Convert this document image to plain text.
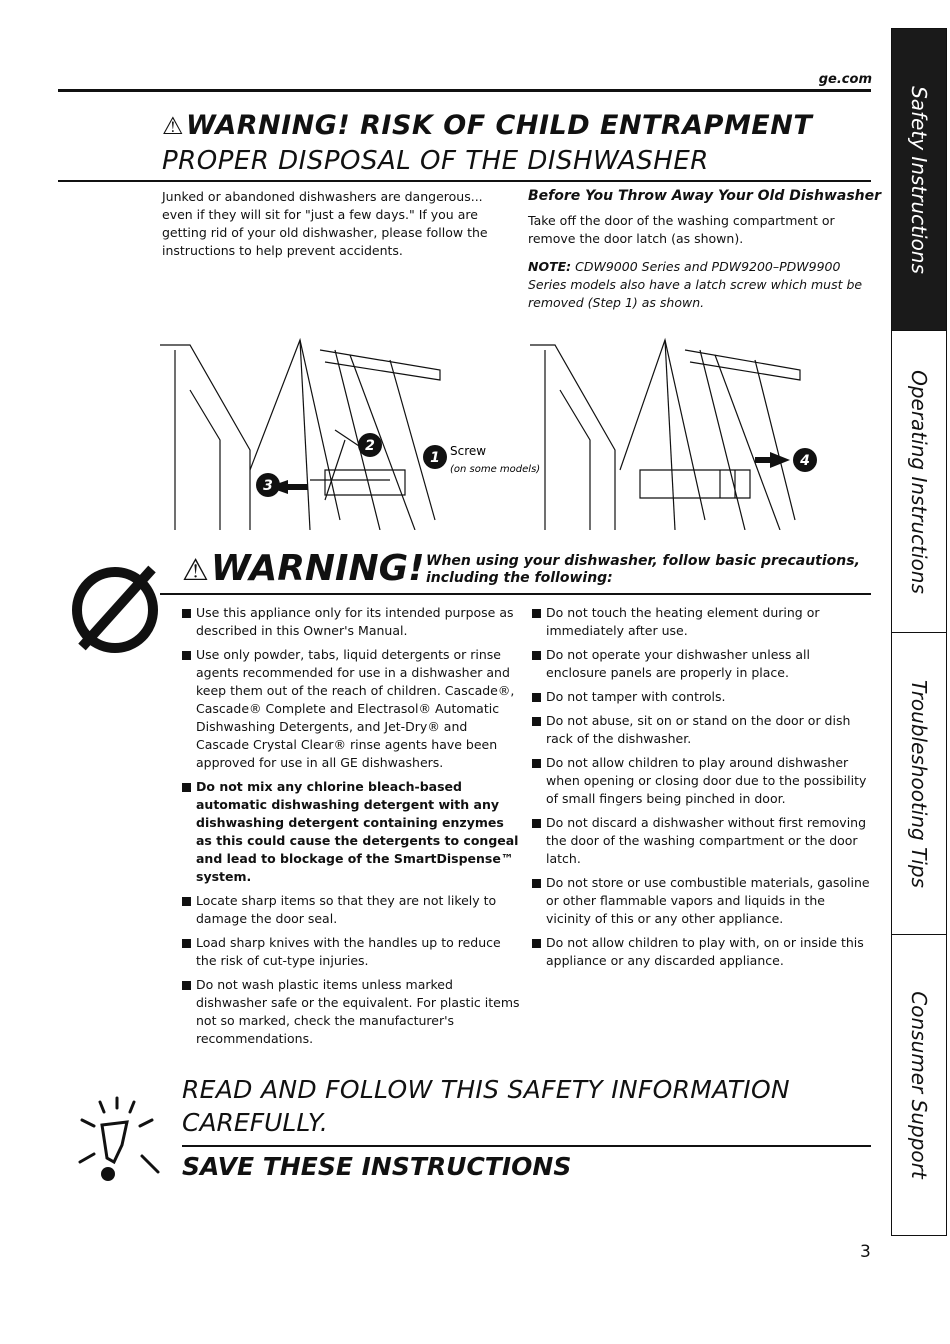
ge.com
⚠WARNING! RISK OF CHILD ENTRAPMENT
PROPER DISPOSAL OF THE DISHWASHER
Junked or abandoned dishwashers are dangerous... even if they will sit for "just a few days." If you are getting rid of your old dishwasher, please follow the instructions to help prevent accidents.
Before You Throw Away Your Old Dishwasher
Take off the door of the washing compartment or remove the door latch (as shown).
NOTE: CDW9000 Series and PDW9200–PDW9900 Series models also have a latch screw which must be removed (Step 1) as shown.
3
2
1	4
Screw
(on some models)
⚠WARNING! When using your dishwasher, follow basic precautions, including the following:
Use this appliance only for its intended purpose as described in this Owner's Manual.
Use only powder, tabs, liquid detergents or rinse agents recommended for use in a dishwasher and keep them out of the reach of children. Cascade®, Cascade® Complete and Electrasol® Automatic Dishwashing Detergents, and Jet-Dry® and Cascade Crystal Clear® rinse agents have been approved for use in all GE dishwashers.
Do not mix any chlorine bleach-based automatic dishwashing detergent with any dishwashing detergent containing enzymes as this could cause the detergents to congeal and lead to blockage of the SmartDispense™ system.
Locate sharp items so that they are not likely to damage the door seal.
Load sharp knives with the handles up to reduce the risk of cut-type injuries.
Do not wash plastic items unless marked dishwasher safe or the equivalent. For plastic items not so marked, check the manufacturer's recommendations.
Do not touch the heating element during or immediately after use.
Do not operate your dishwasher unless all enclosure panels are properly in place.
Do not tamper with controls.
Do not abuse, sit on or stand on the door or dish rack of the dishwasher.
Do not allow children to play around dishwasher when opening or closing door due to the possibility of small fingers being pinched in door.
Do not discard a dishwasher without first removing the door of the washing compartment or the door latch.
Do not store or use combustible materials, gasoline or other flammable vapors and liquids in the vicinity of this or any other appliance.
Do not allow children to play with, on or inside this appliance or any discarded appliance.
READ AND FOLLOW THIS SAFETY INFORMATION
CAREFULLY.
SAVE THESE INSTRUCTIONS
3
Safety Instructions
Operating Instructions
Troubleshooting Tips
Consumer Support
